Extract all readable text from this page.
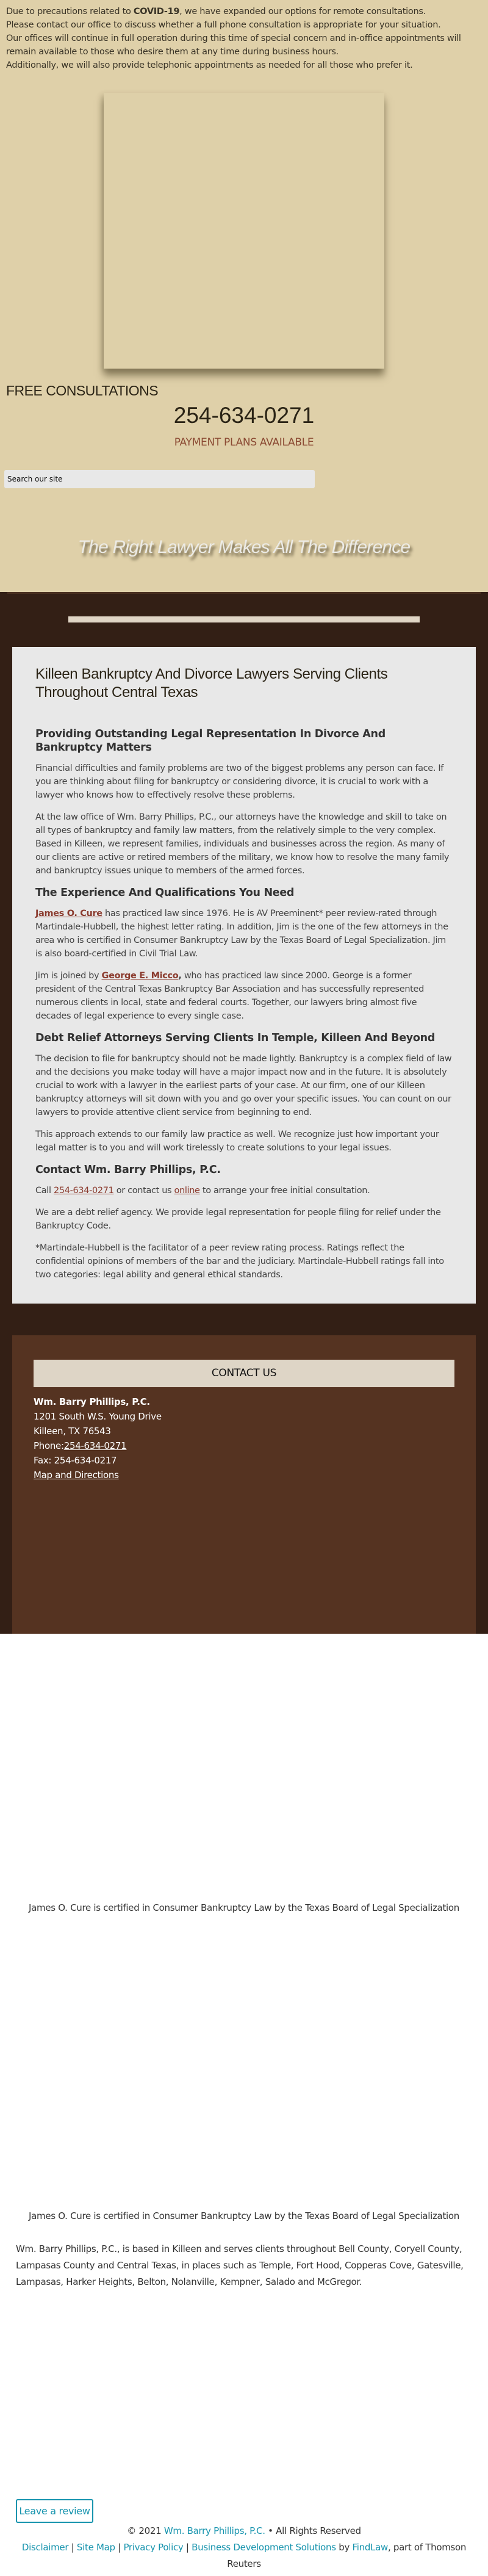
Due to precautions related to COVID-19, we have expanded our options for remote consultations.
Please contact our office to discuss whether a full phone consultation is appropriate for your situation.
Our offices will continue in full operation during this time of special concern and in-office appointments will remain available to those who desire them at any time during business hours.
Additionally, we will also provide telephonic appointments as needed for all those who prefer it.
FREE CONSULTATIONS
254-634-0271
PAYMENT PLANS AVAILABLE
Search our site
The Right Lawyer Makes All The Difference
Killeen Bankruptcy And Divorce Lawyers Serving Clients Throughout Central Texas
Providing Outstanding Legal Representation In Divorce And Bankruptcy Matters

Financial difficulties and family problems are two of the biggest problems any person can face. If you are thinking about filing for bankruptcy or considering divorce, it is crucial to work with a lawyer who knows how to effectively resolve these problems.

At the law office of Wm. Barry Phillips, P.C., our attorneys have the knowledge and skill to take on all types of bankruptcy and family law matters, from the relatively simple to the very complex. Based in Killeen, we represent families, individuals and businesses across the region. As many of our clients are active or retired members of the military, we know how to resolve the many family and bankruptcy issues unique to members of the armed forces.

The Experience And Qualifications You Need

James O. Cure has practiced law since 1976. He is AV Preeminent* peer review-rated through Martindale-Hubbell, the highest letter rating. In addition, Jim is the one of the few attorneys in the area who is certified in Consumer Bankruptcy Law by the Texas Board of Legal Specialization. Jim is also board-certified in Civil Trial Law.

Jim is joined by George E. Micco, who has practiced law since 2000. George is a former president of the Central Texas Bankruptcy Bar Association and has successfully represented numerous clients in local, state and federal courts. Together, our lawyers bring almost five decades of legal experience to every single case.

Debt Relief Attorneys Serving Clients In Temple, Killeen And Beyond

The decision to file for bankruptcy should not be made lightly. Bankruptcy is a complex field of law and the decisions you make today will have a major impact now and in the future. It is absolutely crucial to work with a lawyer in the earliest parts of your case. At our firm, one of our Killeen bankruptcy attorneys will sit down with you and go over your specific issues. You can count on our lawyers to provide attentive client service from beginning to end.

This approach extends to our family law practice as well. We recognize just how important your legal matter is to you and will work tirelessly to create solutions to your legal issues.

Contact Wm. Barry Phillips, P.C.

Call 254-634-0271 or contact us online to arrange your free initial consultation.

We are a debt relief agency. We provide legal representation for people filing for relief under the Bankruptcy Code.

*Martindale-Hubbell is the facilitator of a peer review rating process. Ratings reflect the confidential opinions of members of the bar and the judiciary. Martindale-Hubbell ratings fall into two categories: legal ability and general ethical standards.

CONTACT US
Wm. Barry Phillips, P.C.
1201 South W.S. Young Drive
Killeen, TX 76543
Phone:254-634-0271
Fax: 254-634-0217
Map and Directions
James O. Cure is certified in Consumer Bankruptcy Law by the Texas Board of Legal Specialization
James O. Cure is certified in Consumer Bankruptcy Law by the Texas Board of Legal Specialization
Wm. Barry Phillips, P.C., is based in Killeen and serves clients throughout Bell County, Coryell County, Lampasas County and Central Texas, in places such as Temple, Fort Hood, Copperas Cove, Gatesville, Lampasas, Harker Heights, Belton, Nolanville, Kempner, Salado and McGregor.
Leave a review
© 2021 Wm. Barry Phillips, P.C. • All Rights Reserved
Disclaimer | Site Map | Privacy Policy | Business Development Solutions by FindLaw, part of Thomson Reuters
